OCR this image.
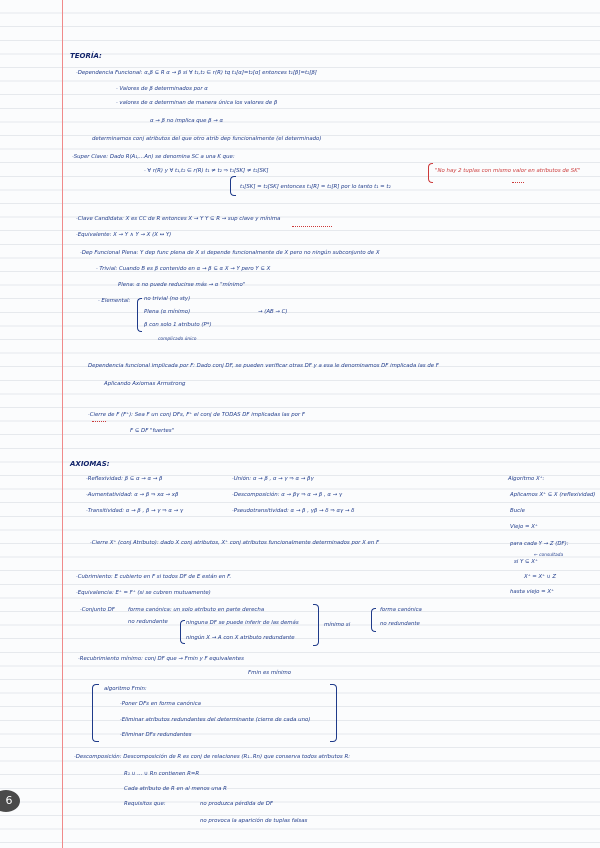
6
TEORÍA:
·Dependencia Funcional: α,β ⊆ R α → β si ∀ t₁,t₂ ∈ r(R) tq t₁[α]=t₂[α] entonces t₁[β]=t₂[β]
· Valores de β determinados por α
· valores de α determinan de manera única los valores de β
α → β no implica que β → α
determinamos conj atributos del que otro atrib dep funcionalmente (el determinado)
·Super Clave: Dado R(A₁,...An) se denomina SC a una K que:
· ∀ r(R) y ∀ t₁,t₂ ∈ r(R) t₁ ≠ t₂ ⇒ t₁[SK] ≠ t₂[SK]
t₁[SK] = t₂[SK] entonces t₁[R] = t₂[R] por lo tanto t₁ = t₂
"No hay 2 tuplas con mismo valor en atributos de SK"
·Clave Candidata: X es CC de R entonces X → Y Y ⊆ R → sup clave y mínima
·Equivalente: X → Y ∧ Y → X (X ↔ Y)
·Dep Funcional Plena: Y dep func plena de X si depende funcionalmente de X pero no ningún subconjunto de X
· Trivial: Cuando B es β contenido en α → β ⊆ α X → Y pero Y ⊆ X
Plena: α no puede reducirse más → α "mínimo"
· Elemental:	no trivial (no sty)
Plena (α mínimo)
β con solo 1 atributo (P*)
→ (AB → C)
complicado único
Dependencia funcional implicada por F: Dado conj DF, se pueden verificar otras DF y a esa le denominamos DF implicada las de F
Aplicando Axiomas Armstrong
·Cierre de F (F⁺): Sea F un conj DFs, F⁺ el conj de TODAS DF implicadas las por F
F ⊆ DF "fuertes"
AXIOMAS:
·Reflexividad: β ⊆ α → α → β
·Aumentatividad: α → β ⇒ xα → xβ
·Transitividad: α → β , β → γ ⇒ α → γ
·Unión: α → β , α → γ ⇒ α → βγ
·Descomposición: α → βγ ⇒ α → β , α → γ
·Pseudotransitividad: α → β , γβ → δ ⇒ αγ → δ
Algoritmo X⁺:
Aplicamos X⁺ ⊆ X (reflexividad)
Bucle
Viejo = X⁺
para cada Y → Z (DF):
← consultada
si Y ⊆ X⁺
X⁺ = X⁺ ∪ Z
hasta viejo = X⁺
·Cierre X⁺ (conj Atributo): dado X conj atributos, X⁺ conj atributos funcionalmente determinados por X en F
·Cubrimiento: E cubierto en F si todos DF de E están en F.
·Equivalencia: E⁺ = F⁺ (si se cubren mutuamente)
·Conjunto DF forma canónica: un solo atributo en parte derecha
no redundante	ninguna DF se puede inferir de las demás
ningún X → A con X atributo redundante
mínimo si
forma canónica
no redundante
·Recubrimiento mínimo: conj DF que → Fmin y F equivalentes
Fmin es mínimo
algoritmo Fmin:
·Poner DFs en forma canónica
·Eliminar atributos redundantes del determinante (cierre de cada uno)
·Eliminar DFs redundantes
·Descomposición: Descomposición de R es conj de relaciones (R₁..Rn) que conserva todos atributos R:
R₁ ∪ ... ∪ Rn contienen R=R
Cada atributo de R en al menos una R
Requisitos que:	no produzca pérdida de DF
no provoca la aparición de tuplas falsas
